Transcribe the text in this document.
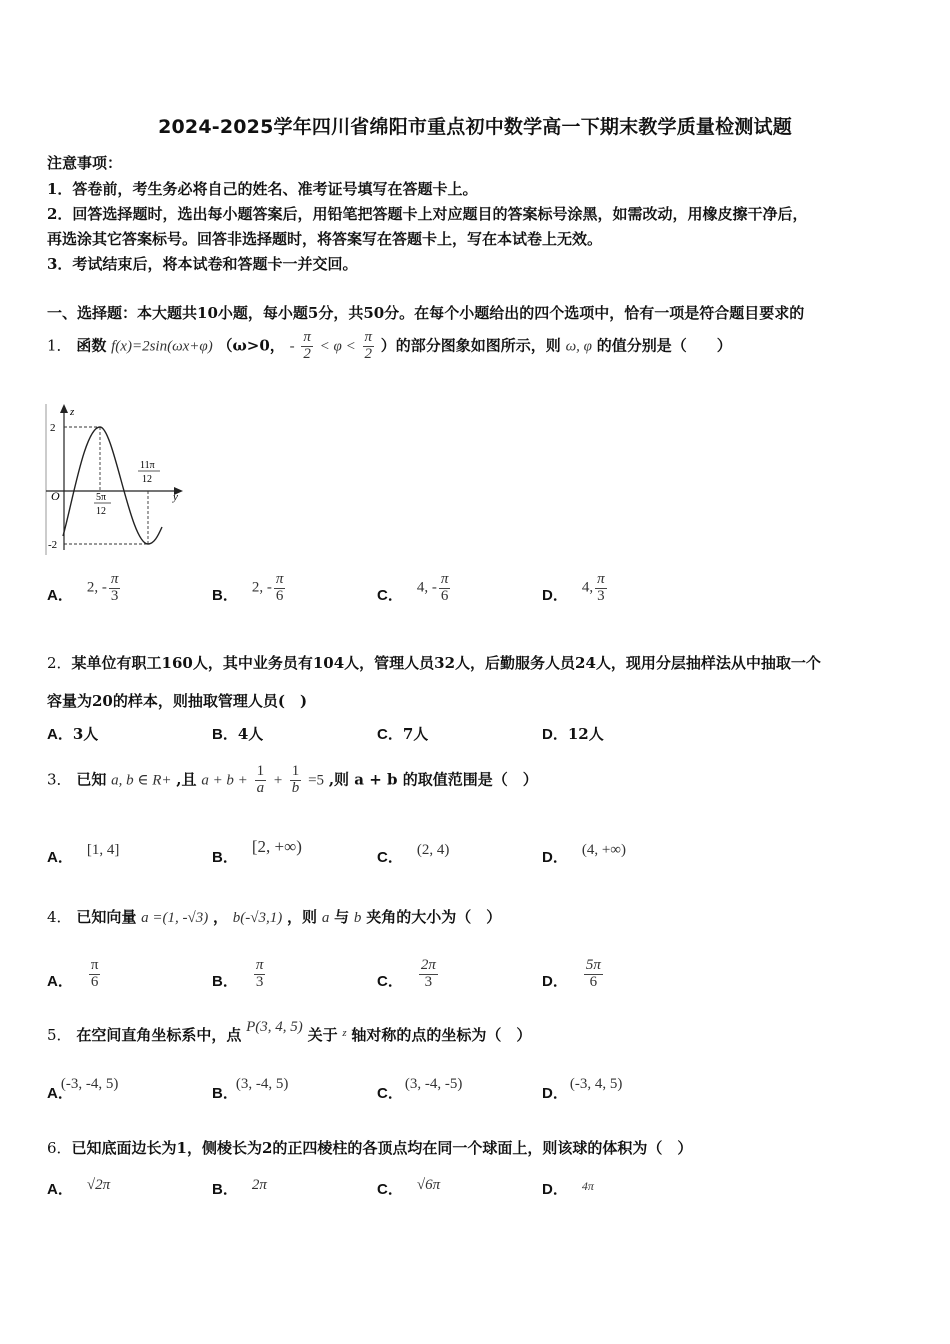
2024-2025学年四川省绵阳市重点初中数学高一下期末教学质量检测试题
注意事项：
1．答卷前，考生务必将自己的姓名、准考证号填写在答题卡上。
2．回答选择题时，选出每小题答案后，用铅笔把答题卡上对应题目的答案标号涂黑，如需改动，用橡皮擦干净后，
再选涂其它答案标号。回答非选择题时，将答案写在答题卡上，写在本试卷上无效。
3．考试结束后，将本试卷和答题卡一并交回。
一、选择题：本大题共10小题，每小题5分，共50分。在每个小题给出的四个选项中，恰有一项是符合题目要求的
1． 函数 f(x)=2sin(ωx+φ) （ω>0， - $\frac{\pi}{2} < \varphi < \frac{\pi}{2}$ ）的部分图象如图所示，则 ω, φ 的值分别是（　　）
z
y
O
2
-2
5π
12
11π
12
A． 2, - $\frac{\pi}{3}$	B． 2, - $\frac{\pi}{6}$	C． 4, - $\frac{\pi}{6}$	D． 4, $\frac{\pi}{3}$
2．某单位有职工160人，其中业务员有104人，管理人员32人，后勤服务人员24人，现用分层抽样法从中抽取一个
容量为20的样本，则抽取管理人员(　)
A．3人	B．4人	C．7人	D．12人
3． 已知 a, b ∈ R+ ,且 $a + b + \frac{1}{a} + \frac{1}{b} =5$ ,则 a + b 的取值范围是（　）
A． [1, 4]	B．[2, +∞)
C． (2, 4)	D． (4, +∞)
4． 已知向量 a =(1, -√3) ， b(-√3,1) ，则 a 与 b 夹角的大小为（　）
A． $\frac{\pi}{6}$	B． $\frac{\pi}{3}$	C． $\frac{2\pi}{3}$	D． $\frac{5\pi}{6}$
5． 在空间直角坐标系中，点 P(3, 4, 5) 关于 $^z$ 轴对称的点的坐标为（　）
A．(-3, -4, 5)
B．(3, -4, 5)
C．(3, -4, -5)
D．(-3, 4, 5)
6．已知底面边长为1，侧棱长为2的正四棱柱的各顶点均在同一个球面上，则该球的体积为（　）
A． √2π	B． 2π	C． √6π	D． 4π
